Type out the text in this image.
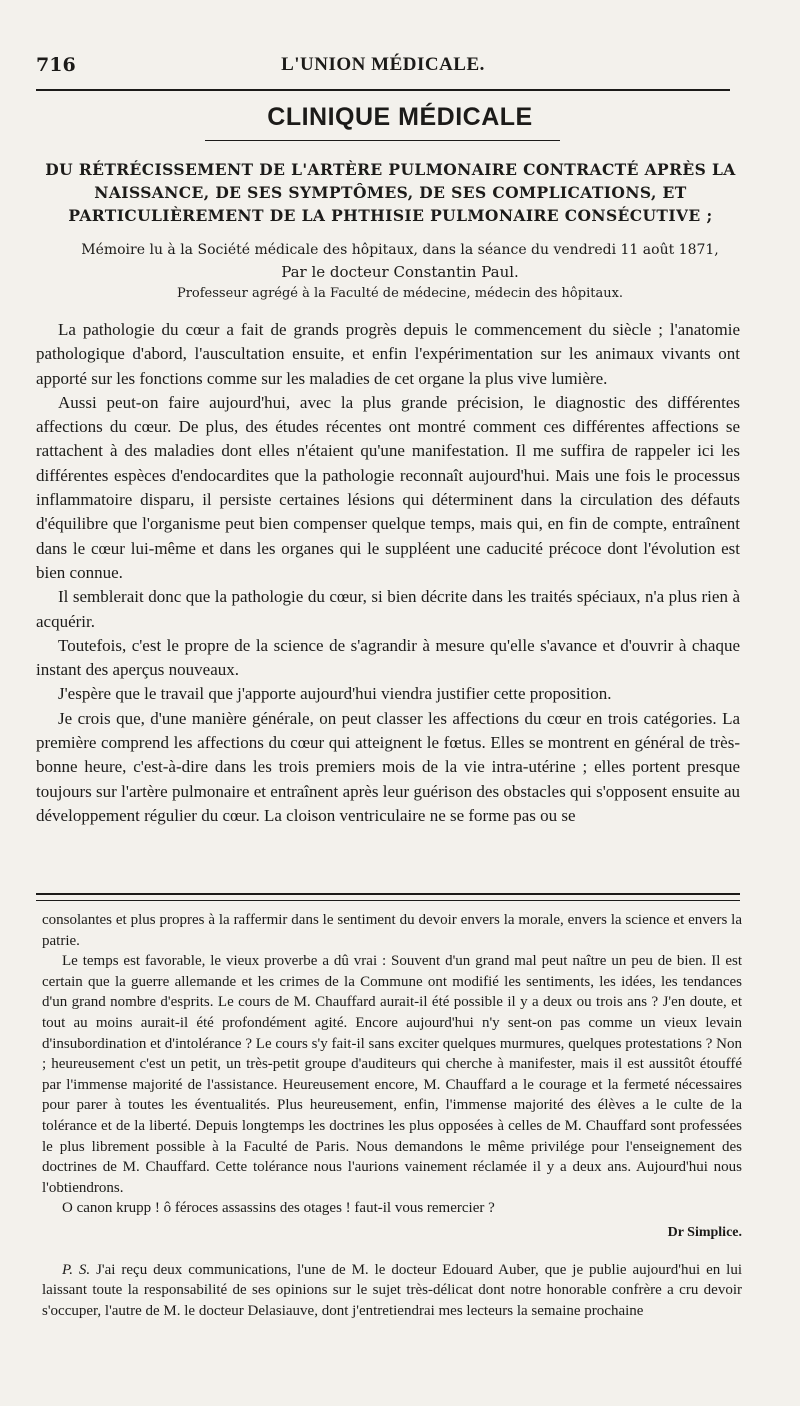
716	L'UNION MÉDICALE.
CLINIQUE MÉDICALE
DU RÉTRÉCISSEMENT DE L'ARTÈRE PULMONAIRE CONTRACTÉ APRÈS LA NAISSANCE, DE SES SYMPTÔMES, DE SES COMPLICATIONS, ET PARTICULIÈREMENT DE LA PHTHISIE PULMONAIRE CONSÉCUTIVE ;
Mémoire lu à la Société médicale des hôpitaux, dans la séance du vendredi 11 août 1871,
Par le docteur Constantin Paul.
Professeur agrégé à la Faculté de médecine, médecin des hôpitaux.

La pathologie du cœur a fait de grands progrès depuis le commencement du siècle ; l'anatomie pathologique d'abord, l'auscultation ensuite, et enfin l'expérimentation sur les animaux vivants ont apporté sur les fonctions comme sur les maladies de cet organe la plus vive lumière.

Aussi peut-on faire aujourd'hui, avec la plus grande précision, le diagnostic des différentes affections du cœur. De plus, des études récentes ont montré comment ces différentes affections se rattachent à des maladies dont elles n'étaient qu'une manifestation. Il me suffira de rappeler ici les différentes espèces d'endocardites que la pathologie reconnaît aujourd'hui. Mais une fois le processus inflammatoire disparu, il persiste certaines lésions qui déterminent dans la circulation des défauts d'équilibre que l'organisme peut bien compenser quelque temps, mais qui, en fin de compte, entraînent dans le cœur lui-même et dans les organes qui le suppléent une caducité précoce dont l'évolution est bien connue.

Il semblerait donc que la pathologie du cœur, si bien décrite dans les traités spéciaux, n'a plus rien à acquérir.

Toutefois, c'est le propre de la science de s'agrandir à mesure qu'elle s'avance et d'ouvrir à chaque instant des aperçus nouveaux.

J'espère que le travail que j'apporte aujourd'hui viendra justifier cette proposition.

Je crois que, d'une manière générale, on peut classer les affections du cœur en trois catégories. La première comprend les affections du cœur qui atteignent le fœtus. Elles se montrent en général de très-bonne heure, c'est-à-dire dans les trois premiers mois de la vie intra-utérine ; elles portent presque toujours sur l'artère pulmonaire et entraînent après leur guérison des obstacles qui s'opposent ensuite au développement régulier du cœur. La cloison ventriculaire ne se forme pas ou se

consolantes et plus propres à la raffermir dans le sentiment du devoir envers la morale, envers la science et envers la patrie.

Le temps est favorable, le vieux proverbe a dû vrai : Souvent d'un grand mal peut naître un peu de bien. Il est certain que la guerre allemande et les crimes de la Commune ont modifié les sentiments, les idées, les tendances d'un grand nombre d'esprits. Le cours de M. Chauffard aurait-il été possible il y a deux ou trois ans ? J'en doute, et tout au moins aurait-il été profondément agité. Encore aujourd'hui n'y sent-on pas comme un vieux levain d'insubordination et d'intolérance ? Le cours s'y fait-il sans exciter quelques murmures, quelques protestations ? Non ; heureusement c'est un petit, un très-petit groupe d'auditeurs qui cherche à manifester, mais il est aussitôt étouffé par l'immense majorité de l'assistance. Heureusement encore, M. Chauffard a le courage et la fermeté nécessaires pour parer à toutes les éventualités. Plus heureusement, enfin, l'immense majorité des élèves a le culte de la tolérance et de la liberté. Depuis longtemps les doctrines les plus opposées à celles de M. Chauffard sont professées le plus librement possible à la Faculté de Paris. Nous demandons le même privilége pour l'enseignement des doctrines de M. Chauffard. Cette tolérance nous l'aurions vainement réclamée il y a deux ans. Aujourd'hui nous l'obtiendrons.

O canon krupp ! ô féroces assassins des otages ! faut-il vous remercier ?

Dr Simplice.

P. S. J'ai reçu deux communications, l'une de M. le docteur Edouard Auber, que je publie aujourd'hui en lui laissant toute la responsabilité de ses opinions sur le sujet très-délicat dont notre honorable confrère a cru devoir s'occuper, l'autre de M. le docteur Delasiauve, dont j'entretiendrai mes lecteurs la semaine prochaine
